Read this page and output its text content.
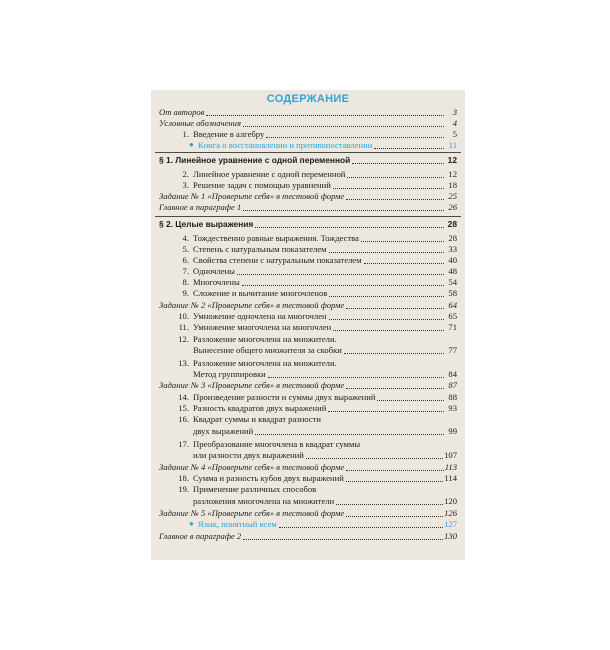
СОДЕРЖАНИЕ
От авторов	3
Условные обозначения	4
1. Введение в алгебру	5
● Книга о восстановлении и противопоставлении	11
§ 1. Линейное уравнение с одной переменной	12
2. Линейное уравнение с одной переменной	12
3. Решение задач с помощью уравнений	18
Задание № 1 «Проверьте себя» в тестовой форме	25
Главное в параграфе 1	26
§ 2. Целые выражения	28
4. Тождественно равные выражения. Тождества	28
5. Степень с натуральным показателем	33
6. Свойства степени с натуральным показателем	40
7. Одночлены	48
8. Многочлены	54
9. Сложение и вычитание многочленов	58
Задание № 2 «Проверьте себя» в тестовой форме	64
10. Умножение одночлена на многочлен	65
11. Умножение многочлена на многочлен	71
12. Разложение многочлена на множители.
Вынесение общего множителя за скобки	77
13. Разложение многочлена на множители.
Метод группировки	84
Задание № 3 «Проверьте себя» в тестовой форме	87
14. Произведение разности и суммы двух выражений	88
15. Разность квадратов двух выражений	93
16. Квадрат суммы и квадрат разности
двух выражений	99
17. Преобразование многочлена в квадрат суммы
или разности двух выражений	107
Задание № 4 «Проверьте себя» в тестовой форме	113
18. Сумма и разность кубов двух выражений	114
19. Применение различных способов
разложения многочлена на множители	120
Задание № 5 «Проверьте себя» в тестовой форме	126
● Язык, понятный всем	127
Главное в параграфе 2	130
